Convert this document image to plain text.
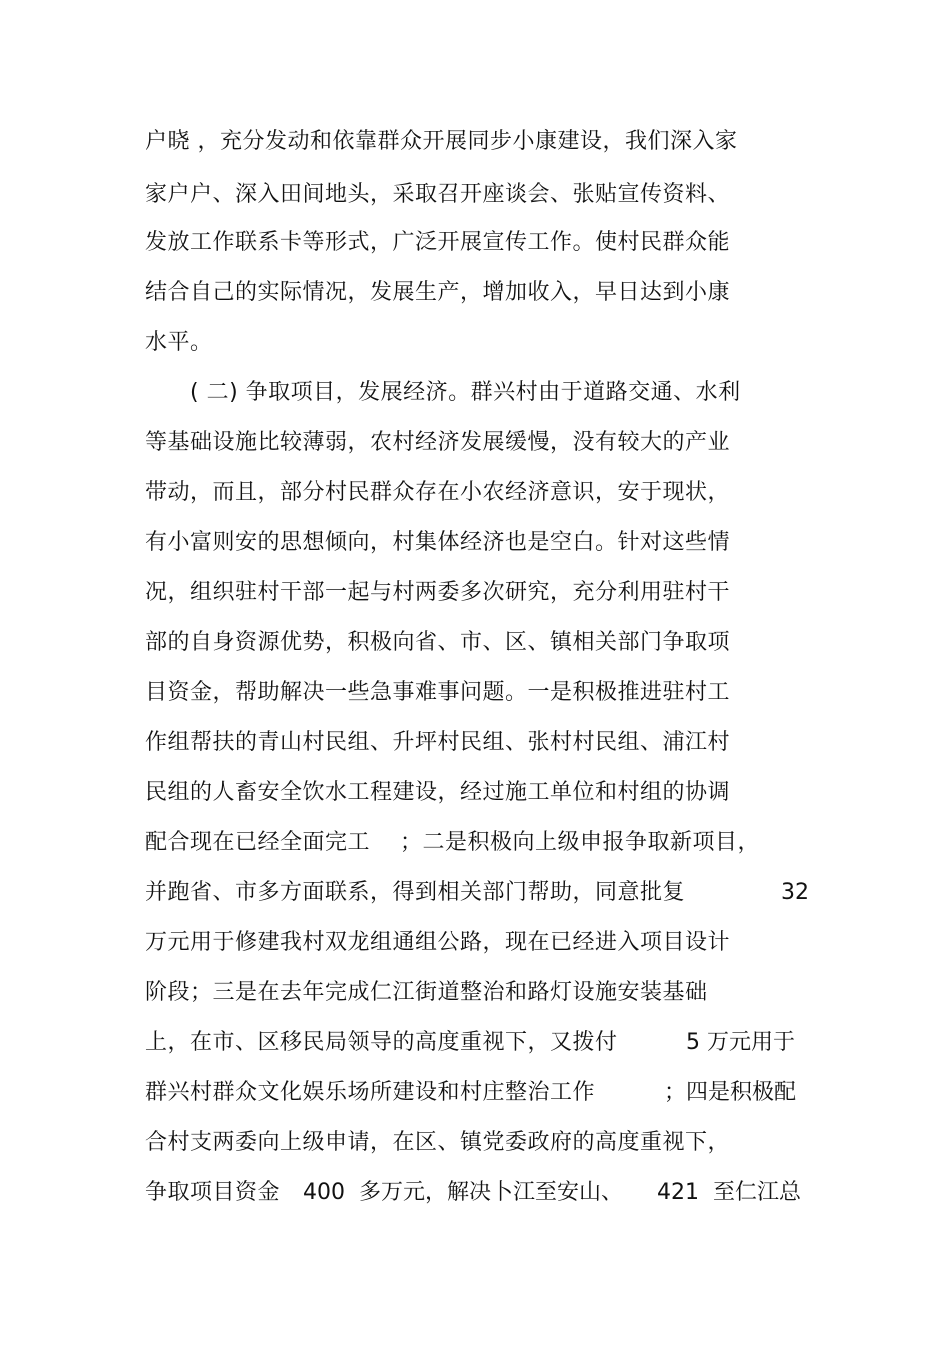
户晓 ，充分发动和依靠群众开展同步小康建设，我们深入家
家户户、深入田间地头，采取召开座谈会、张贴宣传资料、
发放工作联系卡等形式，广泛开展宣传工作。使村民群众能
结合自己的实际情况，发展生产，增加收入，早日达到小康
水平。
( 二) 争取项目，发展经济。群兴村由于道路交通、水利
等基础设施比较薄弱，农村经济发展缓慢，没有较大的产业
带动，而且，部分村民群众存在小农经济意识，安于现状，
有小富则安的思想倾向，村集体经济也是空白。针对这些情
况，组织驻村干部一起与村两委多次研究，充分利用驻村干
部的自身资源优势，积极向省、市、区、镇相关部门争取项
目资金，帮助解决一些急事难事问题。一是积极推进驻村工
作组帮扶的青山村民组、升坪村民组、张村村民组、浦江村
民组的人畜安全饮水工程建设，经过施工单位和村组的协调
配合现在已经全面完工    ；二是积极向上级申报争取新项目，
并跑省、市多方面联系，得到相关部门帮助，同意批复	32
万元用于修建我村双龙组通组公路，现在已经进入项目设计
阶段；三是在去年完成仁江街道整治和路灯设施安装基础
上，在市、区移民局领导的高度重视下，又拨付	5 万元用于
群兴村群众文化娱乐场所建设和村庄整治工作	；四是积极配
合村支两委向上级申请，在区、镇党委政府的高度重视下，
争取项目资金 400  多万元，解决卜江至安山、 421  至仁江总
